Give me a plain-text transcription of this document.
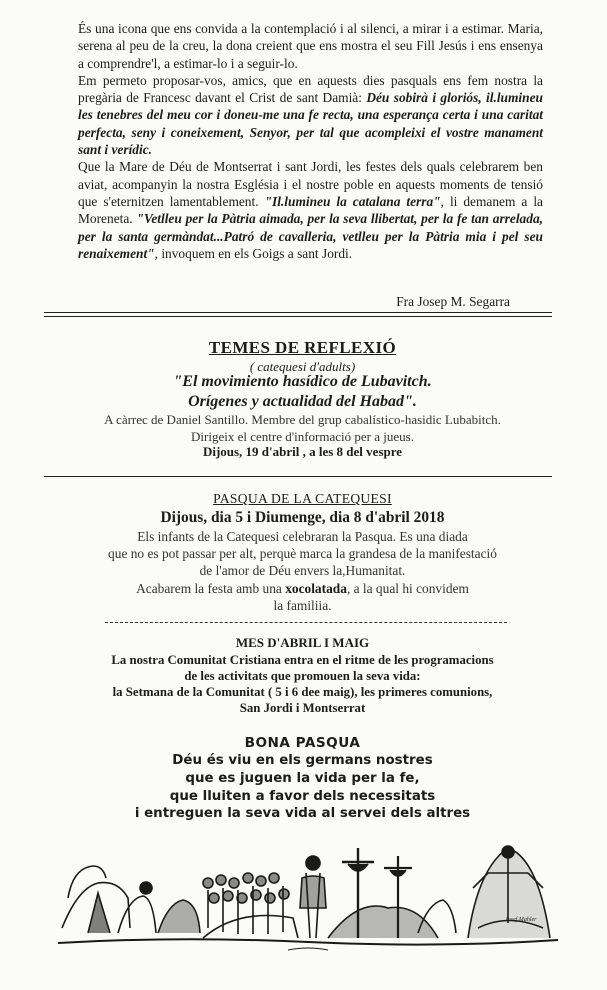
És una icona que ens convida a la contemplació i al silenci, a mirar i a estimar. Maria, serena al peu de la creu, la dona creient que ens mostra el seu Fill Jesús i ens ensenya a comprendre'l, a estimar-lo i a seguir-lo.

Em permeto proposar-vos, amics, que en aquests dies pasquals ens fem nostra la pregària de Francesc davant el Crist de sant Damià: Déu sobirà i gloriós, il.lumineu les tenebres del meu cor i doneu-me una fe recta, una esperança certa i una caritat perfecta, seny i coneixement, Senyor, per tal que acompleixi el vostre manament sant i verídic.

Que la Mare de Déu de Montserrat i sant Jordi, les festes dels quals celebrarem ben aviat, acompanyin la nostra Església i el nostre poble en aquests moments de tensió que s'eternitzen lamentablement. "Il.lumineu la catalana terra", li demanem a la Moreneta. "Vetlleu per la Pàtria aimada, per la seva llibertat, per la fe tan arrelada, per la santa germàndat...Patró de cavalleria, vetlleu per la Pàtria mia i pel seu renaixement", invoquem en els Goigs a sant Jordi.

Fra Josep M. Segarra
TEMES DE REFLEXIÓ
( catequesi d'adults)
"El movimiento hasídico de Lubavitch.
Orígenes y actualidad del Habad".
A càrrec de Daniel Santillo. Membre del grup cabalístico-hasidic Lubabitch.
Dirigeix el centre d'informació per a jueus.
Dijous, 19 d'abril , a les 8 del vespre
PASQUA DE LA CATEQUESI
Dijous, dia 5 i Diumenge, dia 8 d'abril 2018
Els infants de la Catequesi celebraran la Pasqua. Es una diada
que no es pot passar per alt, perquè marca la grandesa de la manifestació
de l'amor de Déu envers la,Humanitat.
Acabarem la festa amb una xocolatada, a la qual hi convidem
la familiia.
MES D'ABRIL I MAIG
La nostra Comunitat Cristiana entra en el ritme de les programacions
de les activitats que promouen la seva vida:
la Setmana de la Comunitat ( 5 i 6 dee maig), les primeres comunions,
San Jordi i Montserrat
BONA PASQUA
Déu és viu en els germans nostres
que es juguen la vida per la fe,
que lluiten a favor dels necessitats
i entreguen la seva vida al servei dels altres
Josef Mahler
